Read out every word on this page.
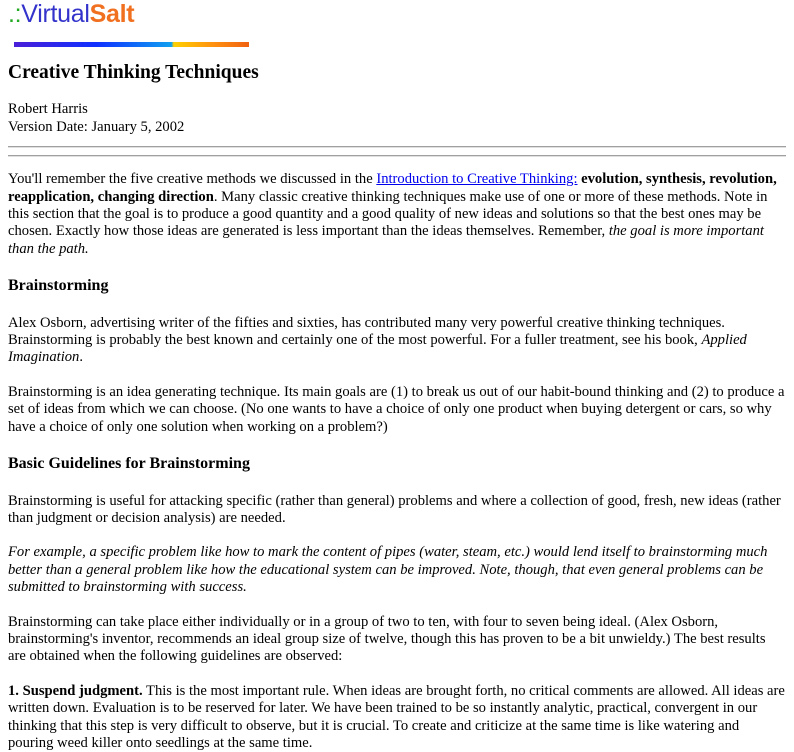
.:VirtualSalt
Creative Thinking Techniques
Robert Harris
Version Date: January 5, 2002

You'll remember the five creative methods we discussed in the Introduction to Creative Thinking: evolution, synthesis, revolution, reapplication, changing direction. Many classic creative thinking techniques make use of one or more of these methods. Note in this section that the goal is to produce a good quantity and a good quality of new ideas and solutions so that the best ones may be chosen. Exactly how those ideas are generated is less important than the ideas themselves. Remember, the goal is more important than the path.

Brainstorming

Alex Osborn, advertising writer of the fifties and sixties, has contributed many very powerful creative thinking techniques. Brainstorming is probably the best known and certainly one of the most powerful. For a fuller treatment, see his book, Applied Imagination.

Brainstorming is an idea generating technique. Its main goals are (1) to break us out of our habit-bound thinking and (2) to produce a set of ideas from which we can choose. (No one wants to have a choice of only one product when buying detergent or cars, so why have a choice of only one solution when working on a problem?)

Basic Guidelines for Brainstorming

Brainstorming is useful for attacking specific (rather than general) problems and where a collection of good, fresh, new ideas (rather than judgment or decision analysis) are needed.

For example, a specific problem like how to mark the content of pipes (water, steam, etc.) would lend itself to brainstorming much better than a general problem like how the educational system can be improved. Note, though, that even general problems can be submitted to brainstorming with success.

Brainstorming can take place either individually or in a group of two to ten, with four to seven being ideal. (Alex Osborn, brainstorming's inventor, recommends an ideal group size of twelve, though this has proven to be a bit unwieldy.) The best results are obtained when the following guidelines are observed:

1. Suspend judgment. This is the most important rule. When ideas are brought forth, no critical comments are allowed. All ideas are written down. Evaluation is to be reserved for later. We have been trained to be so instantly analytic, practical, convergent in our thinking that this step is very difficult to observe, but it is crucial. To create and criticize at the same time is like watering and pouring weed killer onto seedlings at the same time.
